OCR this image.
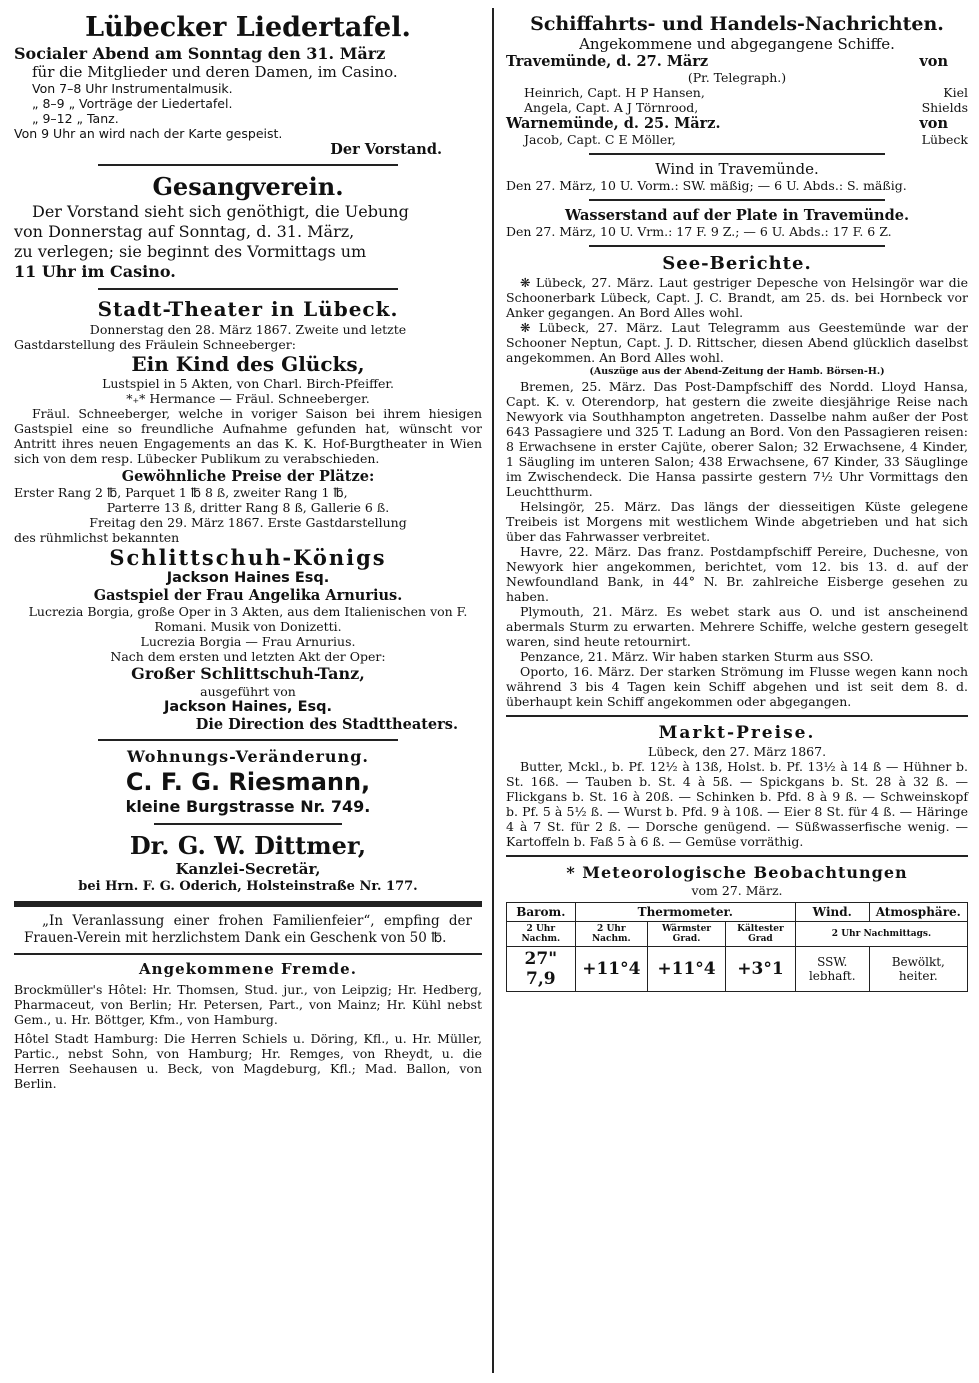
Lübecker Liedertafel.
Socialer Abend am Sonntag den 31. März
für die Mitglieder und deren Damen, im Casino.
Von 7–8 Uhr Instrumentalmusik.
„ 8–9 „ Vorträge der Liedertafel.
„ 9–12 „ Tanz.
Von 9 Uhr an wird nach der Karte gespeist.
Der Vorstand.
Gesangverein.
Der Vorstand sieht sich genöthigt, die Uebung
von Donnerstag auf Sonntag, d. 31. März,
zu verlegen; sie beginnt des Vormittags um
11 Uhr im Casino.
Stadt-Theater in Lübeck.
Donnerstag den 28. März 1867. Zweite und letzte
Gastdarstellung des Fräulein Schneeberger:
Ein Kind des Glücks,
Lustspiel in 5 Akten, von Charl. Birch-Pfeiffer.
*₊* Hermance — Fräul. Schneeberger.
Fräul. Schneeberger, welche in voriger Saison bei ihrem hiesigen Gastspiel eine so freundliche Aufnahme gefunden hat, wünscht vor Antritt ihres neuen Engagements an das K. K. Hof-Burgtheater in Wien sich von dem resp. Lübecker Publikum zu verabschieden.
Gewöhnliche Preise der Plätze:
Erster Rang 2 ℔, Parquet 1 ℔ 8 ß, zweiter Rang 1 ℔,
Parterre 13 ß, dritter Rang 8 ß, Gallerie 6 ß.
Freitag den 29. März 1867. Erste Gastdarstellung
des rühmlichst bekannten
Schlittschuh-Königs
Jackson Haines Esq.
Gastspiel der Frau Angelika Arnurius.
Lucrezia Borgia, große Oper in 3 Akten, aus dem Italienischen von F. Romani. Musik von Donizetti.
Lucrezia Borgia — Frau Arnurius.
Nach dem ersten und letzten Akt der Oper:
Großer Schlittschuh-Tanz,
ausgeführt von
Jackson Haines, Esq.
Die Direction des Stadttheaters.
Wohnungs-Veränderung.
C. F. G. Riesmann,
kleine Burgstrasse Nr. 749.
Dr. G. W. Dittmer,
Kanzlei-Secretär,
bei Hrn. F. G. Oderich, Holsteinstraße Nr. 177.
„In Veranlassung einer frohen Familienfeier“, empfing der Frauen-Verein mit herzlichstem Dank ein Geschenk von 50 ℔.
Angekommene Fremde.
Brockmüller's Hôtel: Hr. Thomsen, Stud. jur., von Leipzig; Hr. Hedberg, Pharmaceut, von Berlin; Hr. Petersen, Part., von Mainz; Hr. Kühl nebst Gem., u. Hr. Böttger, Kfm., von Hamburg.
Hôtel Stadt Hamburg: Die Herren Schiels u. Döring, Kfl., u. Hr. Müller, Partic., nebst Sohn, von Hamburg; Hr. Remges, von Rheydt, u. die Herren Seehausen u. Beck, von Magdeburg, Kfl.; Mad. Ballon, von Berlin.
Schiffahrts- und Handels-Nachrichten.
Angekommene und abgegangene Schiffe.
Travemünde, d. 27. März	von
(Pr. Telegraph.)
Heinrich, Capt. H P Hansen,	Kiel
Angela, Capt. A J Törnrood,	Shields
Warnemünde, d. 25. März.	von
Jacob, Capt. C E Möller,	Lübeck
Wind in Travemünde.
Den 27. März, 10 U. Vorm.: SW. mäßig; — 6 U. Abds.: S. mäßig.
Wasserstand auf der Plate in Travemünde.
Den 27. März, 10 U. Vrm.: 17 F. 9 Z.; — 6 U. Abds.: 17 F. 6 Z.
See-Berichte.
❋ Lübeck, 27. März. Laut gestriger Depesche von Helsingör war die Schoonerbark Lübeck, Capt. J. C. Brandt, am 25. ds. bei Hornbeck vor Anker gegangen. An Bord Alles wohl.
❋ Lübeck, 27. März. Laut Telegramm aus Geestemünde war der Schooner Neptun, Capt. J. D. Rittscher, diesen Abend glücklich daselbst angekommen. An Bord Alles wohl.
(Auszüge aus der Abend-Zeitung der Hamb. Börsen-H.)
Bremen, 25. März. Das Post-Dampfschiff des Nordd. Lloyd Hansa, Capt. K. v. Oterendorp, hat gestern die zweite diesjährige Reise nach Newyork via Southhampton angetreten. Dasselbe nahm außer der Post 643 Passagiere und 325 T. Ladung an Bord. Von den Passagieren reisen: 8 Erwachsene in erster Cajüte, oberer Salon; 32 Erwachsene, 4 Kinder, 1 Säugling im unteren Salon; 438 Erwachsene, 67 Kinder, 33 Säuglinge im Zwischendeck. Die Hansa passirte gestern 7½ Uhr Vormittags den Leuchtthurm.
Helsingör, 25. März. Das längs der diesseitigen Küste gelegene Treibeis ist Morgens mit westlichem Winde abgetrieben und hat sich über das Fahrwasser verbreitet.
Havre, 22. März. Das franz. Postdampfschiff Pereire, Duchesne, von Newyork hier angekommen, berichtet, vom 12. bis 13. d. auf der Newfoundland Bank, in 44° N. Br. zahlreiche Eisberge gesehen zu haben.
Plymouth, 21. März. Es webet stark aus O. und ist anscheinend abermals Sturm zu erwarten. Mehrere Schiffe, welche gestern gesegelt waren, sind heute retournirt.
Penzance, 21. März. Wir haben starken Sturm aus SSO.
Oporto, 16. März. Der starken Strömung im Flusse wegen kann noch während 3 bis 4 Tagen kein Schiff abgehen und ist seit dem 8. d. überhaupt kein Schiff angekommen oder abgegangen.
Markt-Preise.
Lübeck, den 27. März 1867.
Butter, Mckl., b. Pf. 12½ à 13ß, Holst. b. Pf. 13½ à 14 ß — Hühner b. St. 16ß. — Tauben b. St. 4 à 5ß. — Spickgans b. St. 28 à 32 ß. — Flickgans b. St. 16 à 20ß. — Schinken b. Pfd. 8 à 9 ß. — Schweinskopf b. Pf. 5 à 5½ ß. — Wurst b. Pfd. 9 à 10ß. — Eier 8 St. für 4 ß. — Häringe 4 à 7 St. für 2 ß. — Dorsche genügend. — Süßwasserfische wenig. — Kartoffeln b. Faß 5 à 6 ß. — Gemüse vorräthig.
* Meteorologische Beobachtungen
vom 27. März.
Barom.	Thermometer.			Wind.	Atmosphäre.
2 Uhr Nachm.	2 Uhr Nachm.	Wärmster Grad.	Kältester Grad	2 Uhr Nachmittags.	
27" 7,9	+11°4	+11°4	+3°1	SSW. lebhaft.	Bewölkt, heiter.
